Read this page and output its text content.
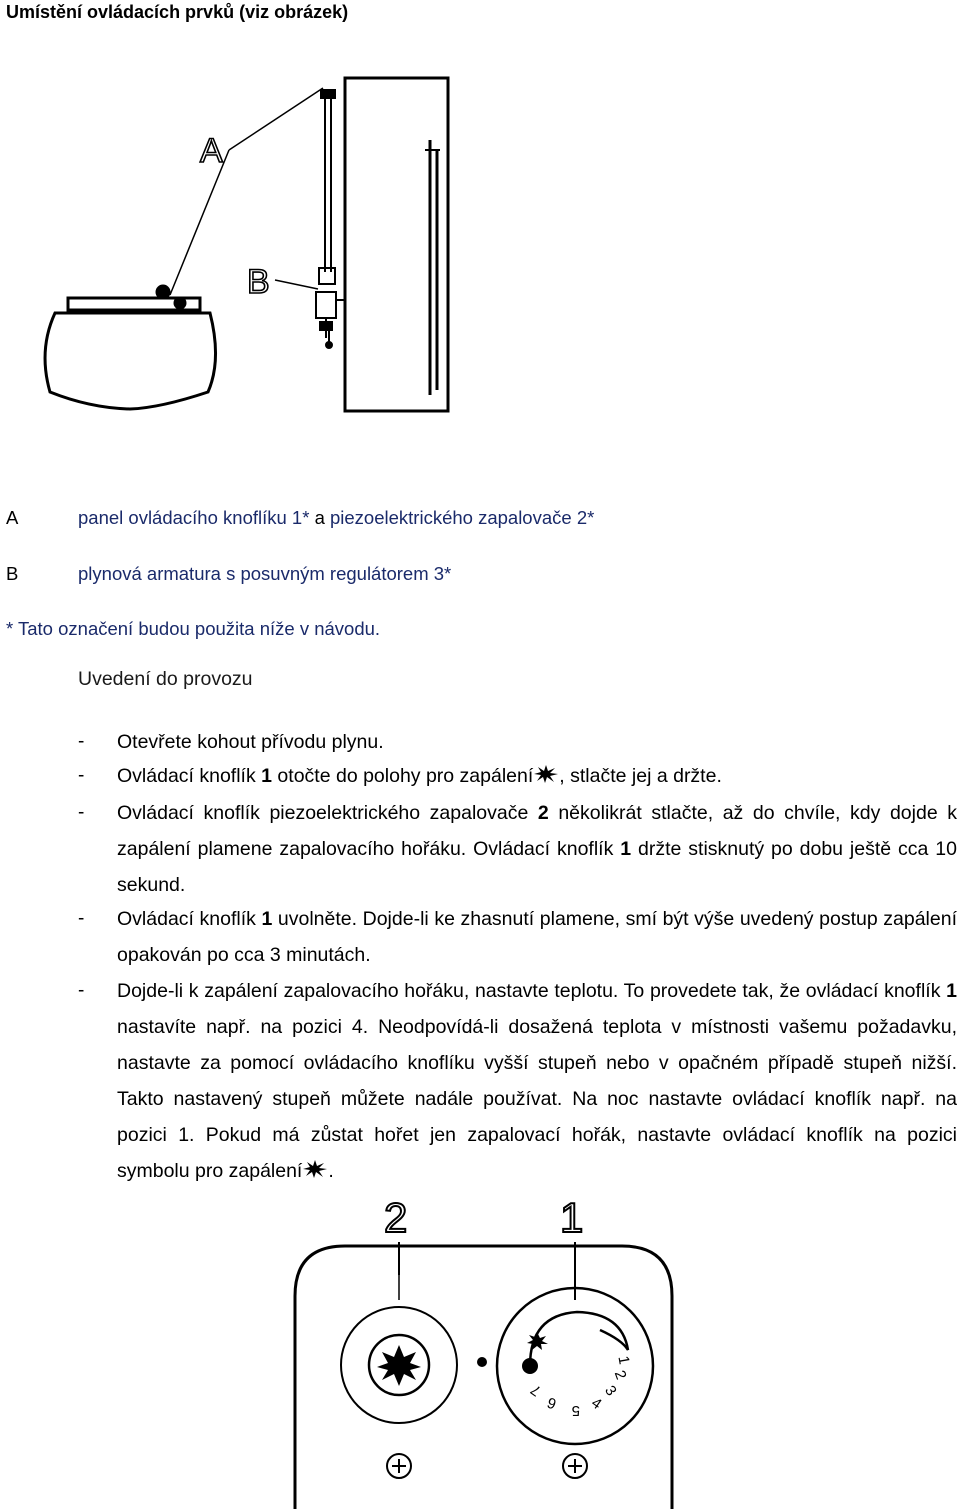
Umístění ovládacích prvků (viz obrázek)
A
B
A	panel ovládacího knoflíku 1* a piezoelektrického zapalovače 2*
B	plynová armatura s posuvným regulátorem 3*
* Tato označení budou použita níže v návodu.
Uvedení do provozu
- Otevřete kohout přívodu plynu.
- Ovládací knoflík 1 otočte do polohy pro zapálení , stlačte jej a držte.
- Ovládací knoflík piezoelektrického zapalovače 2 několikrát stlačte, až do chvíle, kdy dojde k zapálení plamene zapalovacího hořáku. Ovládací knoflík 1 držte stisknutý po dobu ještě cca 10 sekund.
- Ovládací knoflík 1 uvolněte. Dojde-li ke zhasnutí plamene, smí být výše uvedený postup zapálení opakován po cca 3 minutách.
- Dojde-li k zapálení zapalovacího hořáku, nastavte teplotu. To provedete tak, že ovládací knoflík 1 nastavíte např. na pozici 4. Neodpovídá-li dosažená teplota v místnosti vašemu požadavku, nastavte za pomocí ovládacího knoflíku vyšší stupeň nebo v opačném případě stupeň nižší. Takto nastavený stupeň můžete nadále používat. Na noc nastavte ovládací knoflík např. na pozici 1. Pokud má zůstat hořet jen zapalovací hořák, nastavte ovládací knoflík na pozici symbolu pro zapálení .
2	1
1
2
3
4
5
6
7
